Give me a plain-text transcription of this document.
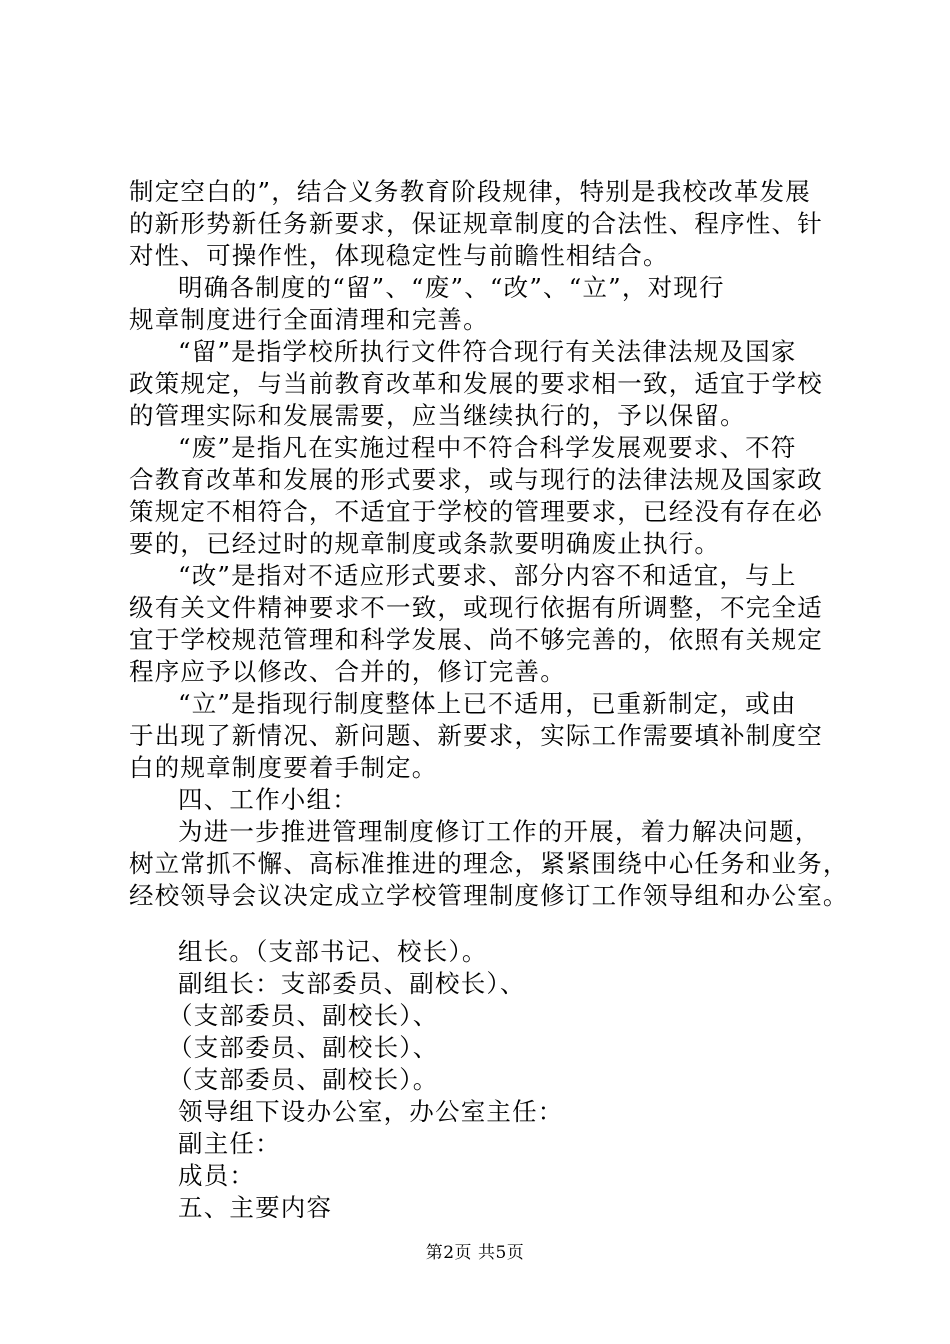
制定空白的”，结合义务教育阶段规律，特别是我校改革发展
的新形势新任务新要求，保证规章制度的合法性、程序性、针
对性、可操作性，体现稳定性与前瞻性相结合。
明确各制度的“留”、“废”、“改”、“立”，对现行
规章制度进行全面清理和完善。
“留”是指学校所执行文件符合现行有关法律法规及国家
政策规定，与当前教育改革和发展的要求相一致，适宜于学校
的管理实际和发展需要，应当继续执行的，予以保留。
“废”是指凡在实施过程中不符合科学发展观要求、不符
合教育改革和发展的形式要求，或与现行的法律法规及国家政
策规定不相符合，不适宜于学校的管理要求，已经没有存在必
要的，已经过时的规章制度或条款要明确废止执行。
“改”是指对不适应形式要求、部分内容不和适宜，与上
级有关文件精神要求不一致，或现行依据有所调整，不完全适
宜于学校规范管理和科学发展、尚不够完善的，依照有关规定
程序应予以修改、合并的，修订完善。
“立”是指现行制度整体上已不适用，已重新制定，或由
于出现了新情况、新问题、新要求，实际工作需要填补制度空
白的规章制度要着手制定。
四、工作小组：
为进一步推进管理制度修订工作的开展，着力解决问题，
树立常抓不懈、高标准推进的理念，紧紧围绕中心任务和业务，
经校领导会议决定成立学校管理制度修订工作领导组和办公室。
组长。（支部书记、校长）。
副组长：支部委员、副校长）、
（支部委员、副校长）、
（支部委员、副校长）、
（支部委员、副校长）。
领导组下设办公室，办公室主任：
副主任：
成员：
五、主要内容
第2页 共5页
